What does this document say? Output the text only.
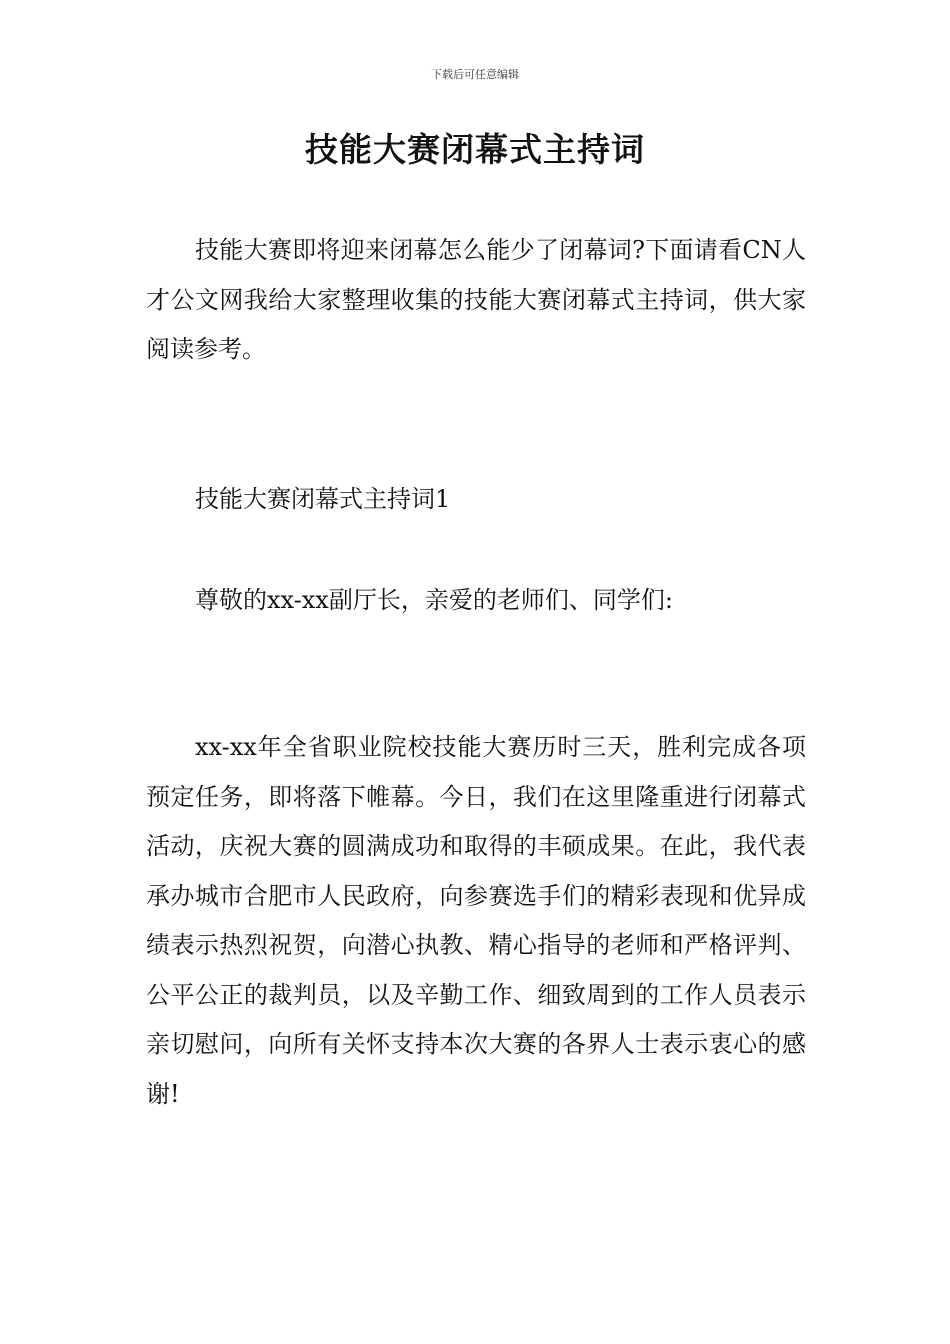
下载后可任意编辑
技能大赛闭幕式主持词

技能大赛即将迎来闭幕怎么能少了闭幕词?下面请看CN人才公文网我给大家整理收集的技能大赛闭幕式主持词，供大家阅读参考。

技能大赛闭幕式主持词1

尊敬的xx-xx副厅长，亲爱的老师们、同学们:

xx-xx年全省职业院校技能大赛历时三天，胜利完成各项预定任务，即将落下帷幕。今日，我们在这里隆重进行闭幕式活动，庆祝大赛的圆满成功和取得的丰硕成果。在此，我代表承办城市合肥市人民政府，向参赛选手们的精彩表现和优异成绩表示热烈祝贺，向潜心执教、精心指导的老师和严格评判、公平公正的裁判员，以及辛勤工作、细致周到的工作人员表示亲切慰问，向所有关怀支持本次大赛的各界人士表示衷心的感谢!
